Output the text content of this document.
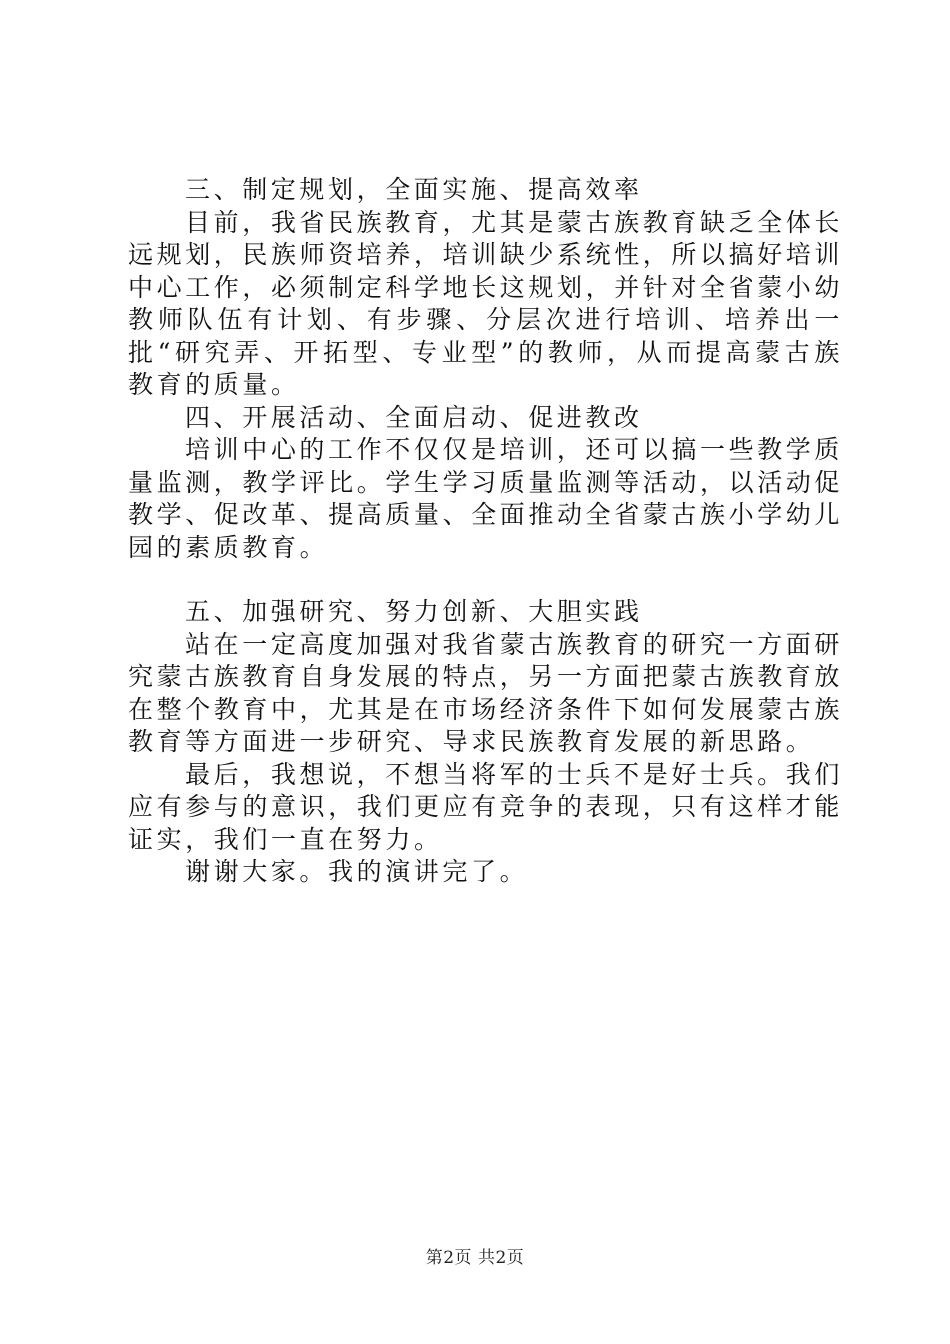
三、制定规划，全面实施、提高效率

目前，我省民族教育，尤其是蒙古族教育缺乏全体长远规划，民族师资培养，培训缺少系统性，所以搞好培训中心工作，必须制定科学地长这规划，并针对全省蒙小幼教师队伍有计划、有步骤、分层次进行培训、培养出一批“研究弄、开拓型、专业型”的教师，从而提高蒙古族教育的质量。

四、开展活动、全面启动、促进教改

培训中心的工作不仅仅是培训，还可以搞一些教学质量监测，教学评比。学生学习质量监测等活动，以活动促教学、促改革、提高质量、全面推动全省蒙古族小学幼儿园的素质教育。

五、加强研究、努力创新、大胆实践

站在一定高度加强对我省蒙古族教育的研究一方面研究蒙古族教育自身发展的特点，另一方面把蒙古族教育放在整个教育中，尤其是在市场经济条件下如何发展蒙古族教育等方面进一步研究、导求民族教育发展的新思路。

最后，我想说，不想当将军的士兵不是好士兵。我们应有参与的意识，我们更应有竞争的表现，只有这样才能证实，我们一直在努力。

谢谢大家。我的演讲完了。

第2页 共2页
